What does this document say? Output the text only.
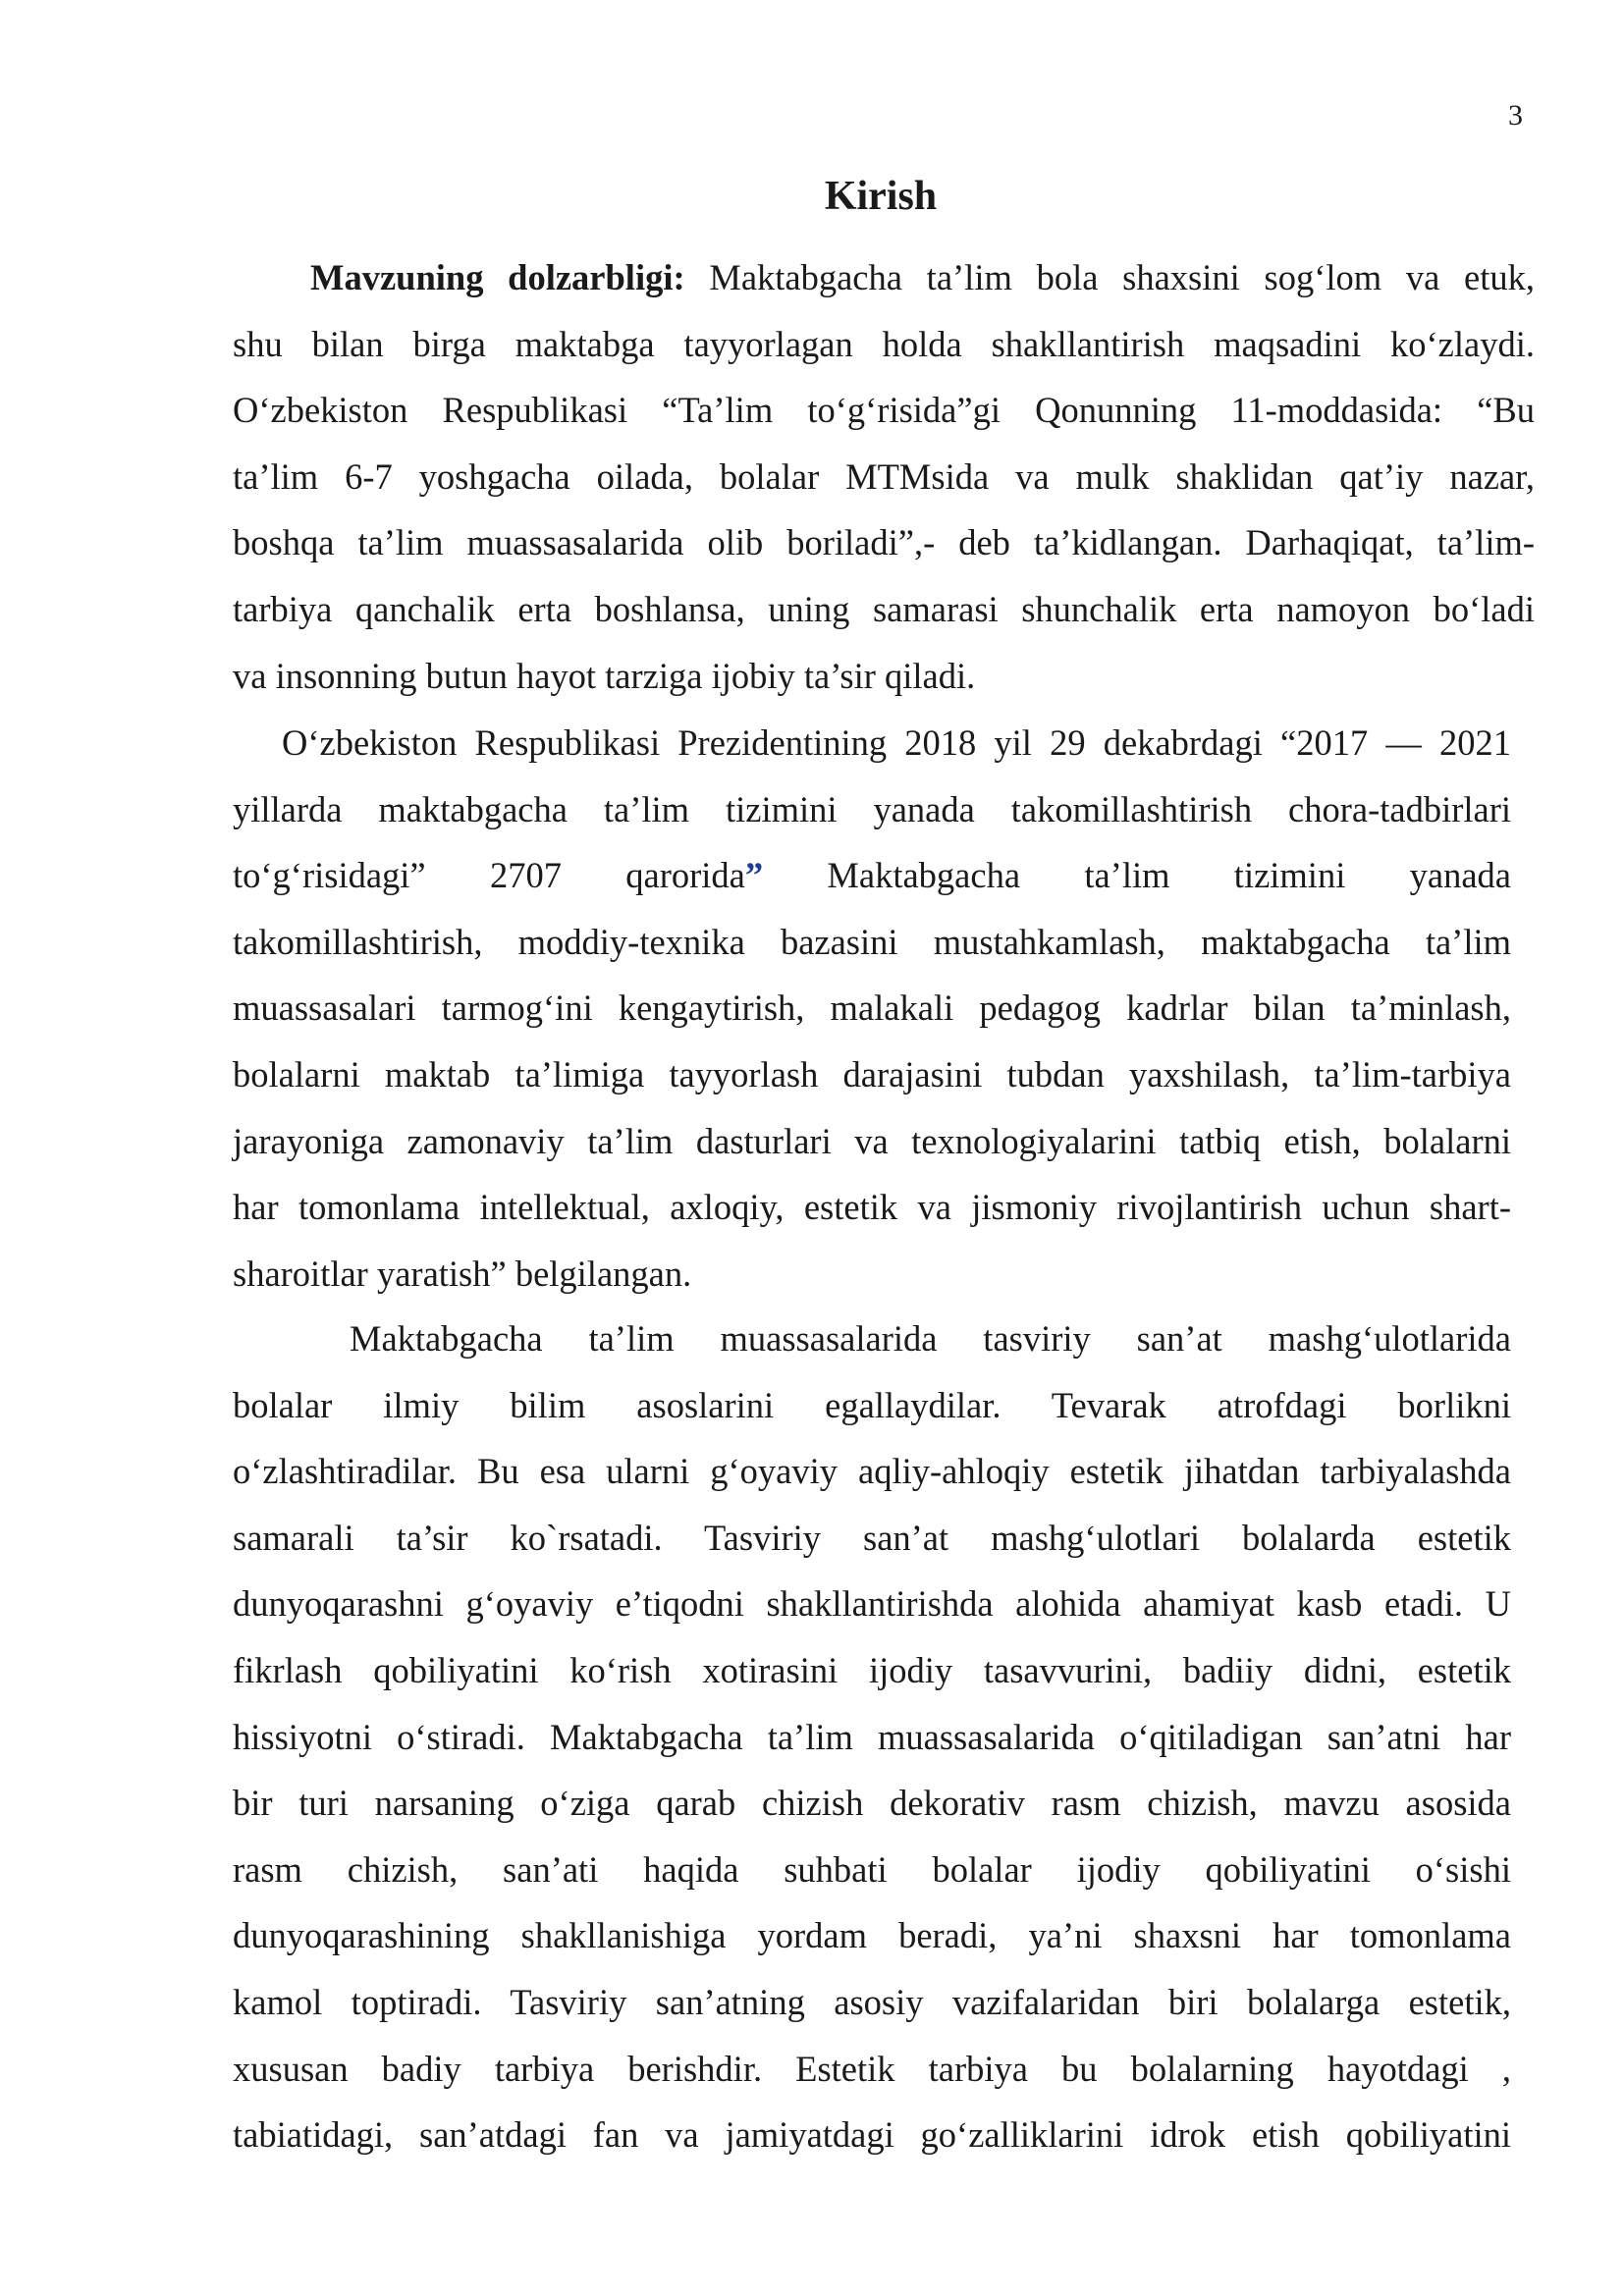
3
Kirish
Mavzuning dolzarbligi: Maktabgacha ta’lim bola shaxsini sog‘lom va etuk,
shu bilan birga maktabga tayyorlagan holda shakllantirish maqsadini ko‘zlaydi.
O‘zbekiston Respublikasi “Ta’lim to‘g‘risida”gi Qonunning 11-moddasida: “Bu
ta’lim 6-7 yoshgacha oilada, bolalar MTMsida va mulk shaklidan qat’iy nazar,
boshqa ta’lim muassasalarida olib boriladi”,- deb ta’kidlangan. Darhaqiqat, ta’lim-
tarbiya qanchalik erta boshlansa, uning samarasi shunchalik erta namoyon bo‘ladi
va insonning butun hayot tarziga ijobiy ta’sir qiladi.
O‘zbekiston Respublikasi Prezidentining 2018 yil 29 dekabrdagi “2017 — 2021
yillarda maktabgacha ta’lim tizimini yanada takomillashtirish chora-tadbirlari
to‘g‘risidagi” 2707 qarorida” Maktabgacha ta’lim tizimini yanada
takomillashtirish, moddiy-texnika bazasini mustahkamlash, maktabgacha ta’lim
muassasalari tarmog‘ini kengaytirish, malakali pedagog kadrlar bilan ta’minlash,
bolalarni maktab ta’limiga tayyorlash darajasini tubdan yaxshilash, ta’lim-tarbiya
jarayoniga zamonaviy ta’lim dasturlari va texnologiyalarini tatbiq etish, bolalarni
har tomonlama intellektual, axloqiy, estetik va jismoniy rivojlantirish uchun shart-
sharoitlar yaratish” belgilangan.
Maktabgacha ta’lim muassasalarida tasviriy san’at mashg‘ulotlarida
bolalar ilmiy bilim asoslarini egallaydilar. Tevarak atrofdagi borlikni
o‘zlashtiradilar. Bu esa ularni g‘oyaviy aqliy-ahloqiy estetik jihatdan tarbiyalashda
samarali ta’sir ko`rsatadi. Tasviriy san’at mashg‘ulotlari bolalarda estetik
dunyoqarashni g‘oyaviy e’tiqodni shakllantirishda alohida ahamiyat kasb etadi. U
fikrlash qobiliyatini ko‘rish xotirasini ijodiy tasavvurini, badiiy didni, estetik
hissiyotni o‘stiradi. Maktabgacha ta’lim muassasalarida o‘qitiladigan san’atni har
bir turi narsaning o‘ziga qarab chizish dekorativ rasm chizish, mavzu asosida
rasm chizish, san’ati haqida suhbati bolalar ijodiy qobiliyatini o‘sishi
dunyoqarashining shakllanishiga yordam beradi, ya’ni shaxsni har tomonlama
kamol toptiradi. Tasviriy san’atning asosiy vazifalaridan biri bolalarga estetik,
xususan badiy tarbiya berishdir. Estetik tarbiya bu bolalarning hayotdagi ,
tabiatidagi, san’atdagi fan va jamiyatdagi go‘zalliklarini idrok etish qobiliyatini
